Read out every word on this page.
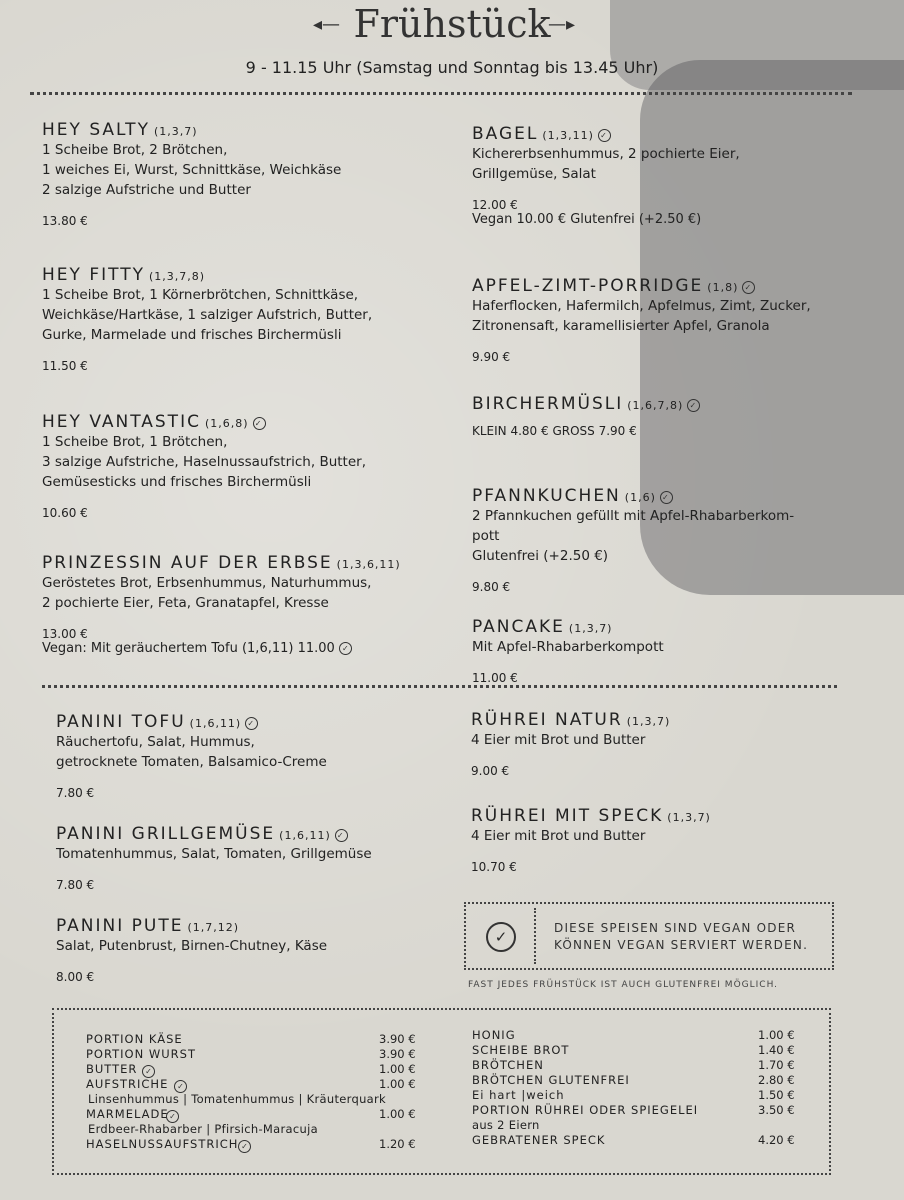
◂— Frühstück
—▸
9 - 11.15 Uhr (Samstag und Sonntag bis 13.45 Uhr)
HEY SALTY (1,3,7)
1 Scheibe Brot, 2 Brötchen,
1 weiches Ei, Wurst, Schnittkäse, Weichkäse
2 salzige Aufstriche und Butter
13.80 €
HEY FITTY (1,3,7,8)
1 Scheibe Brot, 1 Körnerbrötchen, Schnittkäse,
Weichkäse/Hartkäse, 1 salziger Aufstrich, Butter,
Gurke, Marmelade und frisches Birchermüsli
11.50 €
HEY VANTASTIC (1,6,8) ✓
1 Scheibe Brot, 1 Brötchen,
3 salzige Aufstriche, Haselnussaufstrich, Butter,
Gemüsesticks und frisches Birchermüsli
10.60 €
PRINZESSIN AUF DER ERBSE (1,3,6,11)
Geröstetes Brot, Erbsenhummus, Naturhummus,
2 pochierte Eier, Feta, Granatapfel, Kresse
13.00 €
Vegan: Mit geräuchertem Tofu (1,6,11) 11.00 ✓
BAGEL (1,3,11) ✓
Kichererbsenhummus, 2 pochierte Eier,
Grillgemüse, Salat
12.00 €
Vegan 10.00 € Glutenfrei (+2.50 €)
APFEL-ZIMT-PORRIDGE (1,8) ✓
Haferflocken, Hafermilch, Apfelmus, Zimt, Zucker,
Zitronensaft, karamellisierter Apfel, Granola
9.90 €
BIRCHERMÜSLI (1,6,7,8) ✓
KLEIN 4.80 € GROSS 7.90 €
PFANNKUCHEN (1,6) ✓
2 Pfannkuchen gefüllt mit Apfel-Rhabarberkom-
pott
Glutenfrei (+2.50 €)
9.80 €
PANCAKE (1,3,7)
Mit Apfel-Rhabarberkompott
11.00 €
PANINI TOFU (1,6,11) ✓
Räuchertofu, Salat, Hummus,
getrocknete Tomaten, Balsamico-Creme
7.80 €
PANINI GRILLGEMÜSE (1,6,11) ✓
Tomatenhummus, Salat, Tomaten, Grillgemüse
7.80 €
PANINI PUTE (1,7,12)
Salat, Putenbrust, Birnen-Chutney, Käse
8.00 €
RÜHREI NATUR (1,3,7)
4 Eier mit Brot und Butter
9.00 €
RÜHREI MIT SPECK (1,3,7)
4 Eier mit Brot und Butter
10.70 €
✓	DIESE SPEISEN SIND VEGAN ODER
KÖNNEN VEGAN SERVIERT WERDEN.
FAST JEDES FRÜHSTÜCK IST AUCH GLUTENFREI MÖGLICH.
PORTION KÄSE	3.90 €
PORTION WURST	3.90 €
BUTTER ✓	1.00 €
AUFSTRICHE	✓	1.00 €
Linsenhummus | Tomatenhummus | Kräuterquark
MARMELADE ✓	1.00 €
Erdbeer-Rhabarber | Pfirsich-Maracuja
HASELNUSSAUFSTRICH ✓	1.20 €
HONIG	1.00 €
SCHEIBE BROT	1.40 €
BRÖTCHEN	1.70 €
BRÖTCHEN GLUTENFREI	2.80 €
Ei hart |weich	1.50 €
PORTION RÜHREI ODER SPIEGELEI	3.50 €
aus 2 Eiern
GEBRATENER SPECK	4.20 €
